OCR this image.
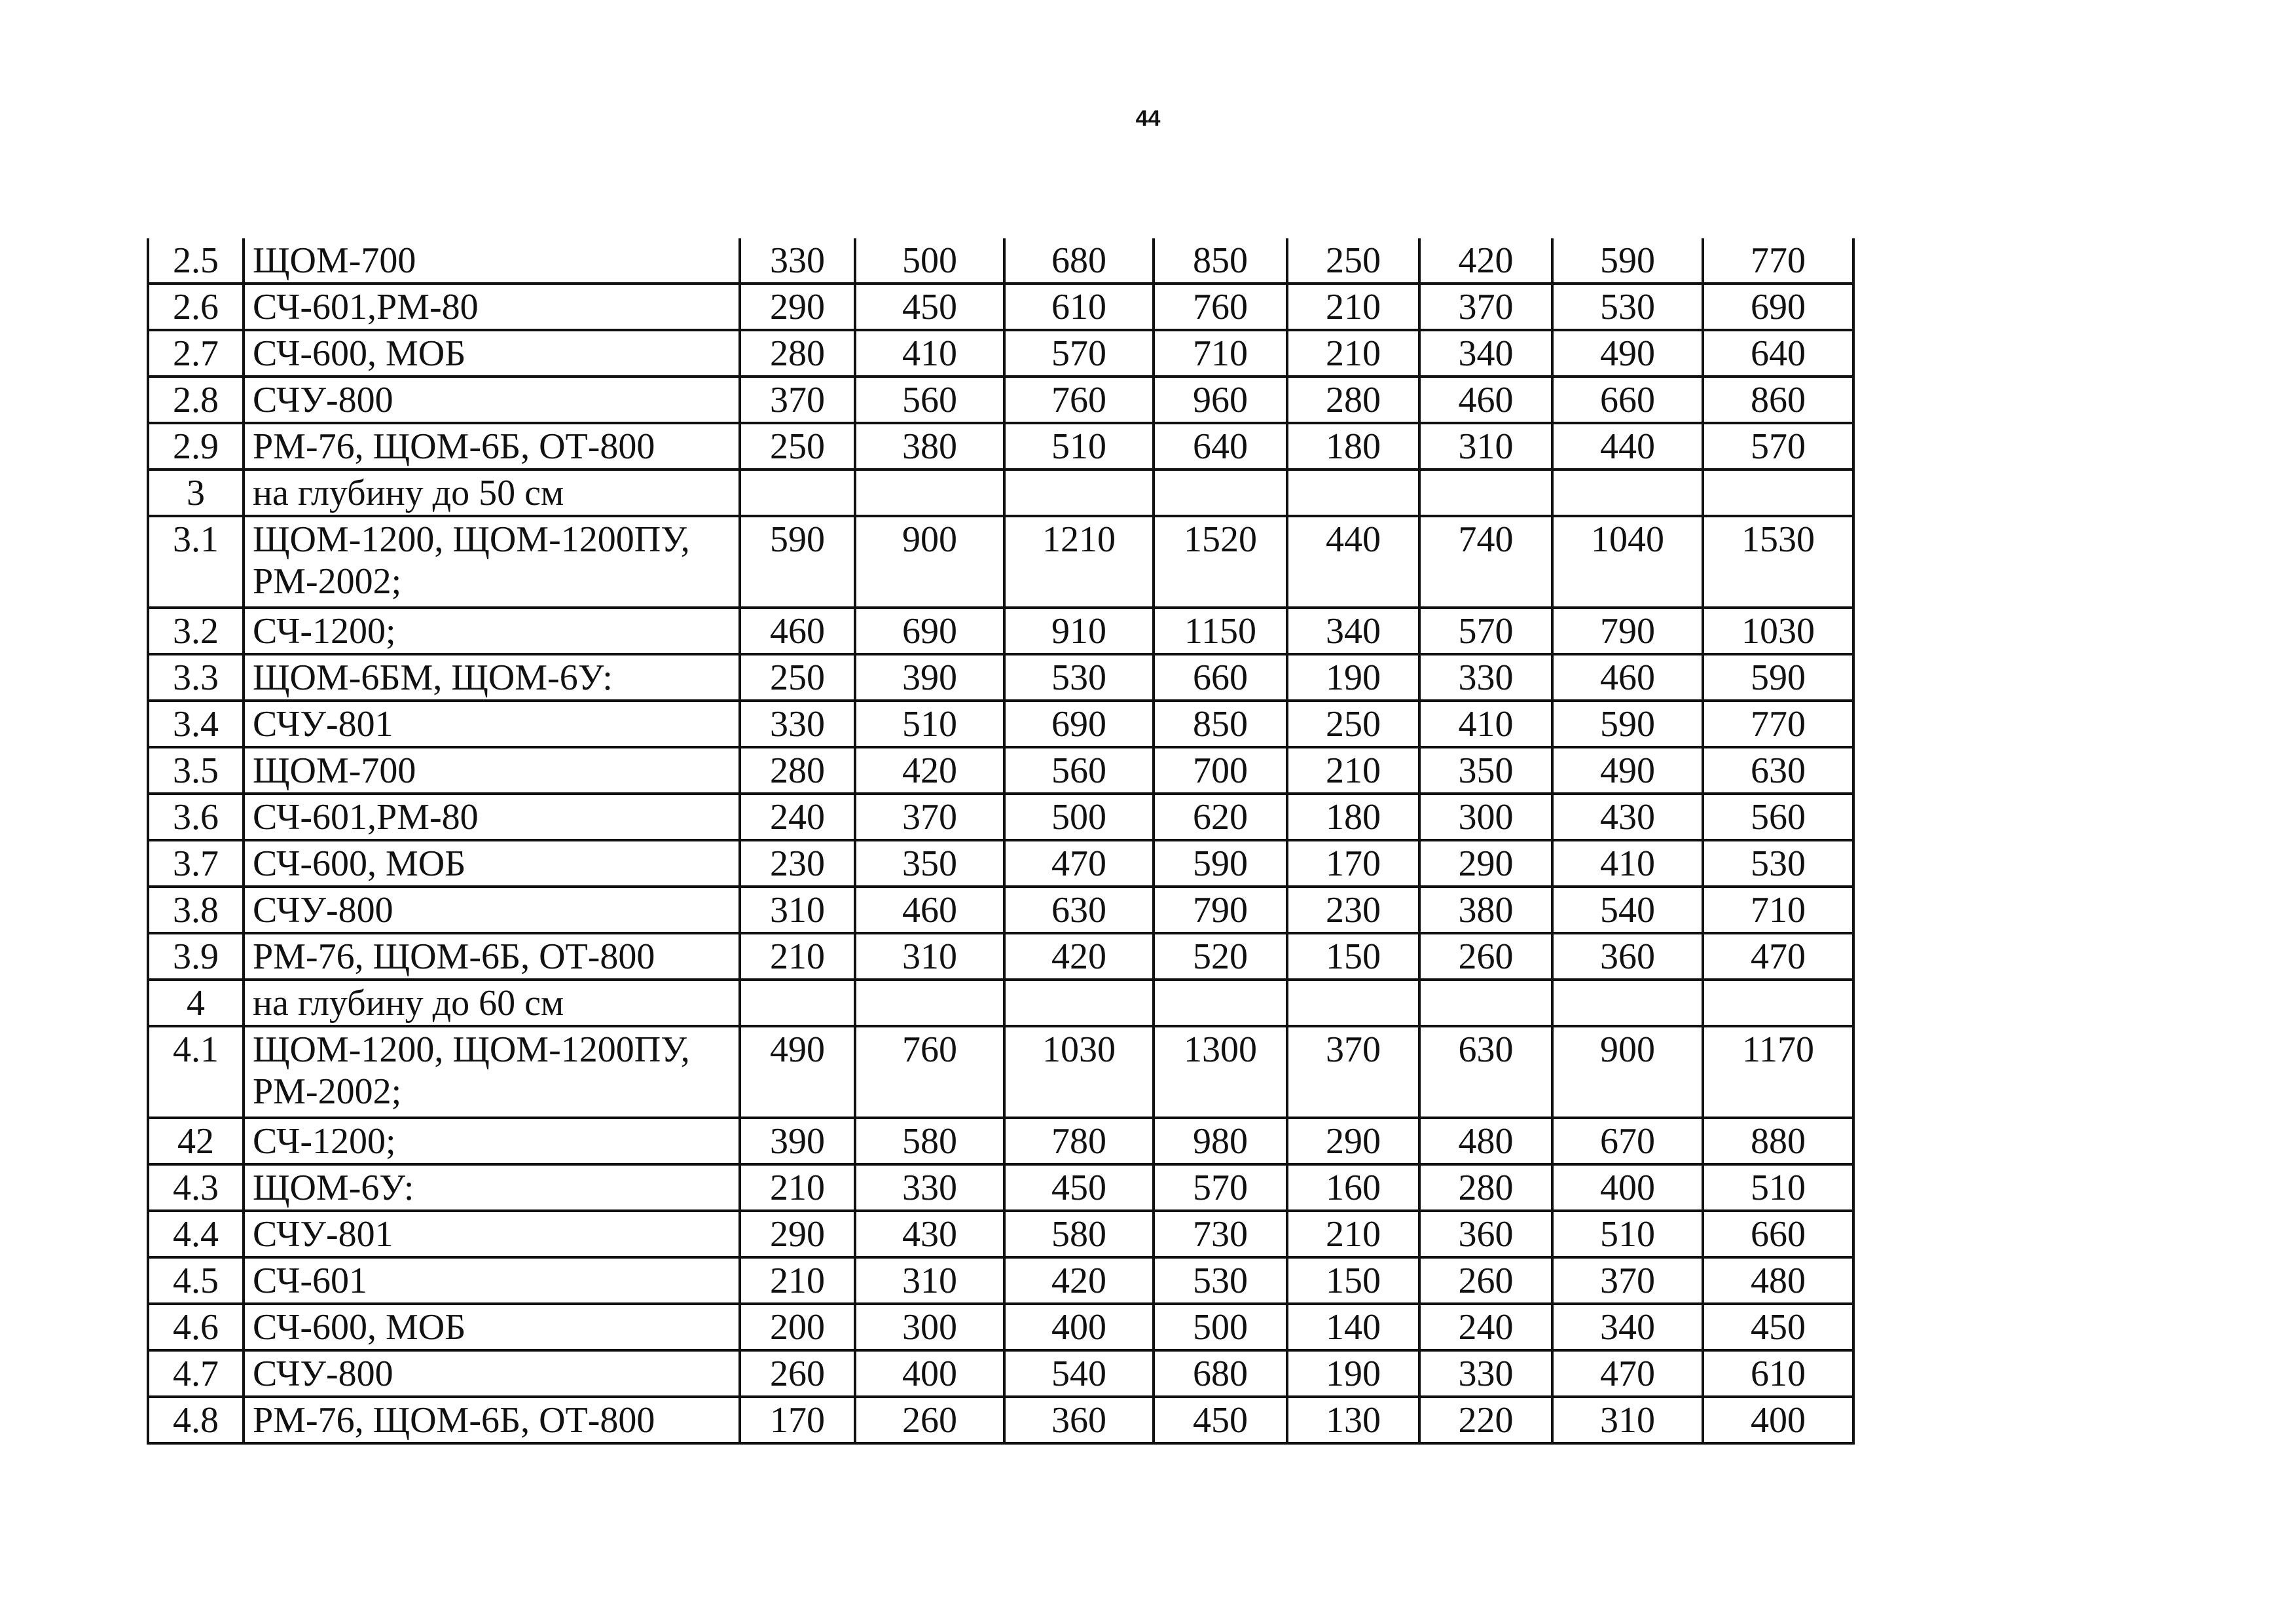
44
2.5	ЩОМ-700	330	500	680	850	250	420	590	770
2.6	СЧ-601,РМ-80	290	450	610	760	210	370	530	690
2.7	СЧ-600, МОБ	280	410	570	710	210	340	490	640
2.8	СЧУ-800	370	560	760	960	280	460	660	860
2.9	РМ-76, ЩОМ-6Б, ОТ-800	250	380	510	640	180	310	440	570
3	на глубину до 50 см								
3.1	ЩОМ-1200, ЩОМ-1200ПУ, РМ-2002;	590	900	1210	1520	440	740	1040	1530
3.2	СЧ-1200;	460	690	910	1150	340	570	790	1030
3.3	ЩОМ-6БМ, ЩОМ-6У:	250	390	530	660	190	330	460	590
3.4	СЧУ-801	330	510	690	850	250	410	590	770
3.5	ЩОМ-700	280	420	560	700	210	350	490	630
3.6	СЧ-601,РМ-80	240	370	500	620	180	300	430	560
3.7	СЧ-600, МОБ	230	350	470	590	170	290	410	530
3.8	СЧУ-800	310	460	630	790	230	380	540	710
3.9	РМ-76, ЩОМ-6Б, ОТ-800	210	310	420	520	150	260	360	470
4	на глубину до 60 см								
4.1	ЩОМ-1200, ЩОМ-1200ПУ, РМ-2002;	490	760	1030	1300	370	630	900	1170
42	СЧ-1200;	390	580	780	980	290	480	670	880
4.3	ЩОМ-6У:	210	330	450	570	160	280	400	510
4.4	СЧУ-801	290	430	580	730	210	360	510	660
4.5	СЧ-601	210	310	420	530	150	260	370	480
4.6	СЧ-600, МОБ	200	300	400	500	140	240	340	450
4.7	СЧУ-800	260	400	540	680	190	330	470	610
4.8	РМ-76, ЩОМ-6Б, ОТ-800	170	260	360	450	130	220	310	400
